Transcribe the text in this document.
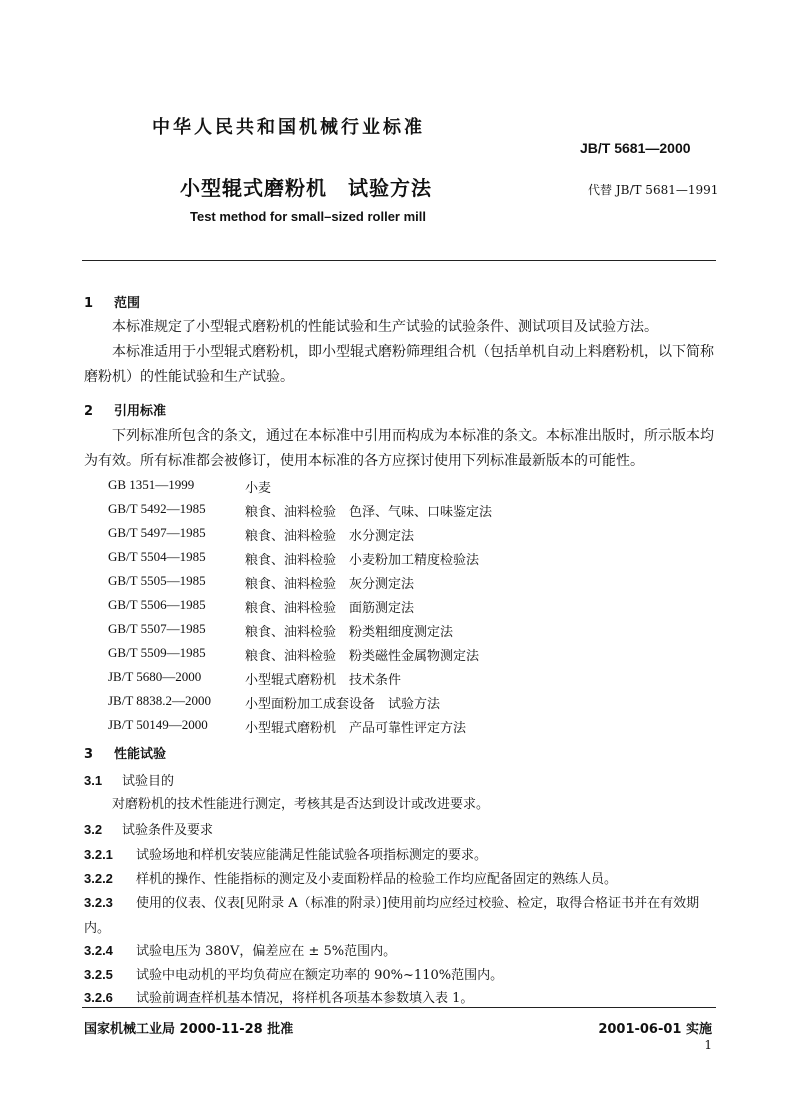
中华人民共和国机械行业标准
JB/T 5681—2000
小型辊式磨粉机　试验方法	代替 JB/T 5681—1991
Test method for small–sized roller mill
1 范围
本标准规定了小型辊式磨粉机的性能试验和生产试验的试验条件、测试项目及试验方法。
本标准适用于小型辊式磨粉机，即小型辊式磨粉筛理组合机（包括单机自动上料磨粉机，以下简称磨粉机）的性能试验和生产试验。
2 引用标准
下列标准所包含的条文，通过在本标准中引用而构成为本标准的条文。本标准出版时，所示版本均为有效。所有标准都会被修订，使用本标准的各方应探讨使用下列标准最新版本的可能性。
GB 1351—1999	小麦
GB/T 5492—1985	粮食、油料检验　色泽、气味、口味鉴定法
GB/T 5497—1985	粮食、油料检验　水分测定法
GB/T 5504—1985	粮食、油料检验　小麦粉加工精度检验法
GB/T 5505—1985	粮食、油料检验　灰分测定法
GB/T 5506—1985	粮食、油料检验　面筋测定法
GB/T 5507—1985	粮食、油料检验　粉类粗细度测定法
GB/T 5509—1985	粮食、油料检验　粉类磁性金属物测定法
JB/T 5680—2000	小型辊式磨粉机　技术条件
JB/T 8838.2—2000	小型面粉加工成套设备　试验方法
JB/T 50149—2000	小型辊式磨粉机　产品可靠性评定方法
3 性能试验
3.1 试验目的
对磨粉机的技术性能进行测定，考核其是否达到设计或改进要求。
3.2 试验条件及要求
3.2.1 试验场地和样机安装应能满足性能试验各项指标测定的要求。
3.2.2 样机的操作、性能指标的测定及小麦面粉样品的检验工作均应配备固定的熟练人员。
3.2.3 使用的仪表、仪表[见附录 A（标准的附录）]使用前均应经过校验、检定，取得合格证书并在有效期内。
3.2.4 试验电压为 380V，偏差应在 ± 5%范围内。
3.2.5 试验中电动机的平均负荷应在额定功率的 90%~110%范围内。
3.2.6 试验前调查样机基本情况，将样机各项基本参数填入表 1。
国家机械工业局 2000-11-28 批准	2001-06-01 实施
1
